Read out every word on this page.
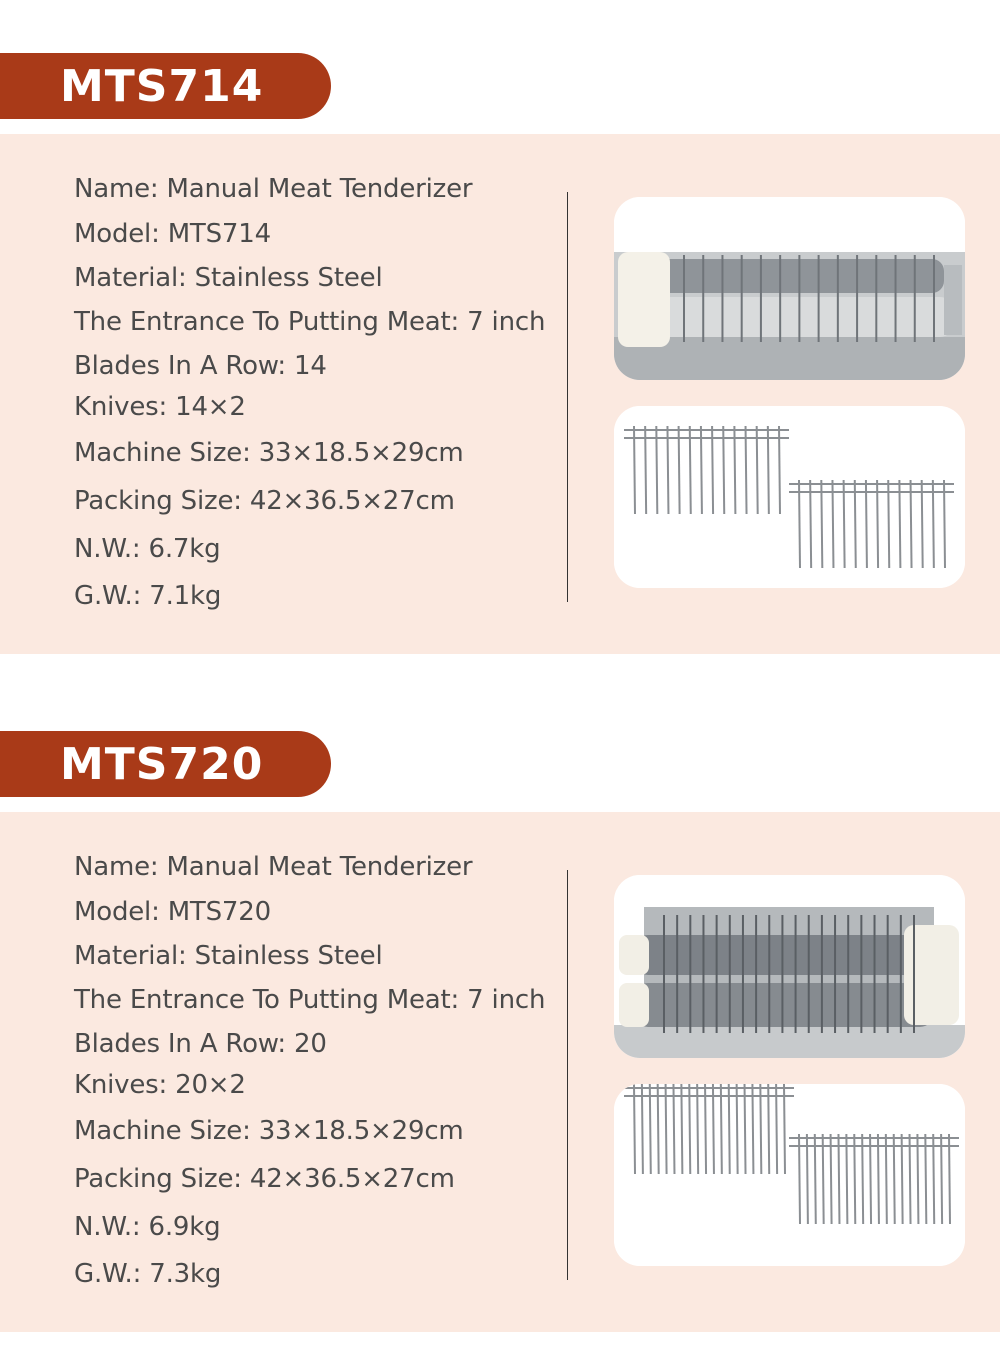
MTS714
Name: Manual Meat Tenderizer
Model: MTS714
Material: Stainless Steel
The Entrance To Putting Meat: 7 inch
Blades In A Row: 14
Knives: 14×2
Machine Size: 33×18.5×29cm
Packing Size: 42×36.5×27cm
N.W.: 6.7kg
G.W.: 7.1kg
MTS720
Name: Manual Meat Tenderizer
Model: MTS720
Material: Stainless Steel
The Entrance To Putting Meat: 7 inch
Blades In A Row: 20
Knives: 20×2
Machine Size: 33×18.5×29cm
Packing Size: 42×36.5×27cm
N.W.: 6.9kg
G.W.: 7.3kg
